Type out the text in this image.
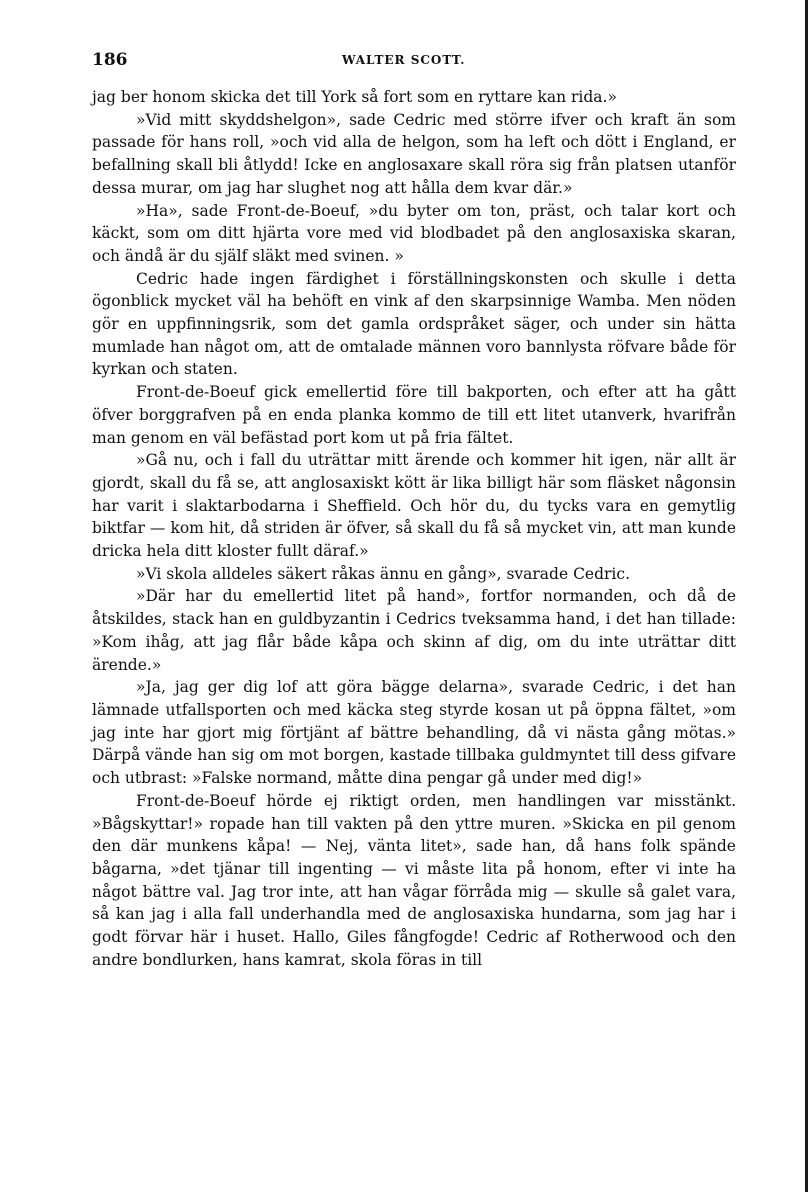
186	WALTER SCOTT.

jag ber honom skicka det till York så fort som en ryttare kan rida.»

»Vid mitt skyddshelgon», sade Cedric med större ifver och kraft än som passade för hans roll, »och vid alla de helgon, som ha left och dött i England, er befallning skall bli åtlydd! Icke en anglosaxare skall röra sig från platsen utanför dessa murar, om jag har slughet nog att hålla dem kvar där.»

»Ha», sade Front-de-Boeuf, »du byter om ton, präst, och talar kort och käckt, som om ditt hjärta vore med vid blodbadet på den anglosaxiska skaran, och ändå är du själf släkt med svinen. »

Cedric hade ingen färdighet i förställningskonsten och skulle i detta ögonblick mycket väl ha behöft en vink af den skarpsinnige Wamba. Men nöden gör en uppfinningsrik, som det gamla ordspråket säger, och under sin hätta mumlade han något om, att de omtalade männen voro bannlysta röfvare både för kyrkan och staten.

Front-de-Boeuf gick emellertid före till bakporten, och efter att ha gått öfver borggrafven på en enda planka kommo de till ett litet utanverk, hvarifrån man genom en väl befästad port kom ut på fria fältet.

»Gå nu, och i fall du uträttar mitt ärende och kommer hit igen, när allt är gjordt, skall du få se, att anglosaxiskt kött är lika billigt här som fläsket någonsin har varit i slaktarbodarna i Sheffield. Och hör du, du tycks vara en gemytlig biktfar — kom hit, då striden är öfver, så skall du få så mycket vin, att man kunde dricka hela ditt kloster fullt däraf.»

»Vi skola alldeles säkert råkas ännu en gång», svarade Cedric.

»Där har du emellertid litet på hand», fortfor normanden, och då de åtskildes, stack han en guldbyzantin i Cedrics tveksamma hand, i det han tillade: »Kom ihåg, att jag flår både kåpa och skinn af dig, om du inte uträttar ditt ärende.»

»Ja, jag ger dig lof att göra bägge delarna», svarade Cedric, i det han lämnade utfallsporten och med käcka steg styrde kosan ut på öppna fältet, »om jag inte har gjort mig förtjänt af bättre behandling, då vi nästa gång mötas.» Därpå vände han sig om mot borgen, kastade tillbaka guldmyntet till dess gifvare och utbrast: »Falske normand, måtte dina pengar gå under med dig!»

Front-de-Boeuf hörde ej riktigt orden, men handlingen var misstänkt. »Bågskyttar!» ropade han till vakten på den yttre muren. »Skicka en pil genom den där munkens kåpa! — Nej, vänta litet», sade han, då hans folk spände bågarna, »det tjänar till ingenting — vi måste lita på honom, efter vi inte ha något bättre val. Jag tror inte, att han vågar förråda mig — skulle så galet vara, så kan jag i alla fall underhandla med de anglosaxiska hundarna, som jag har i godt förvar här i huset. Hallo, Giles fångfogde! Cedric af Rotherwood och den andre bondlurken, hans kamrat, skola föras in till
